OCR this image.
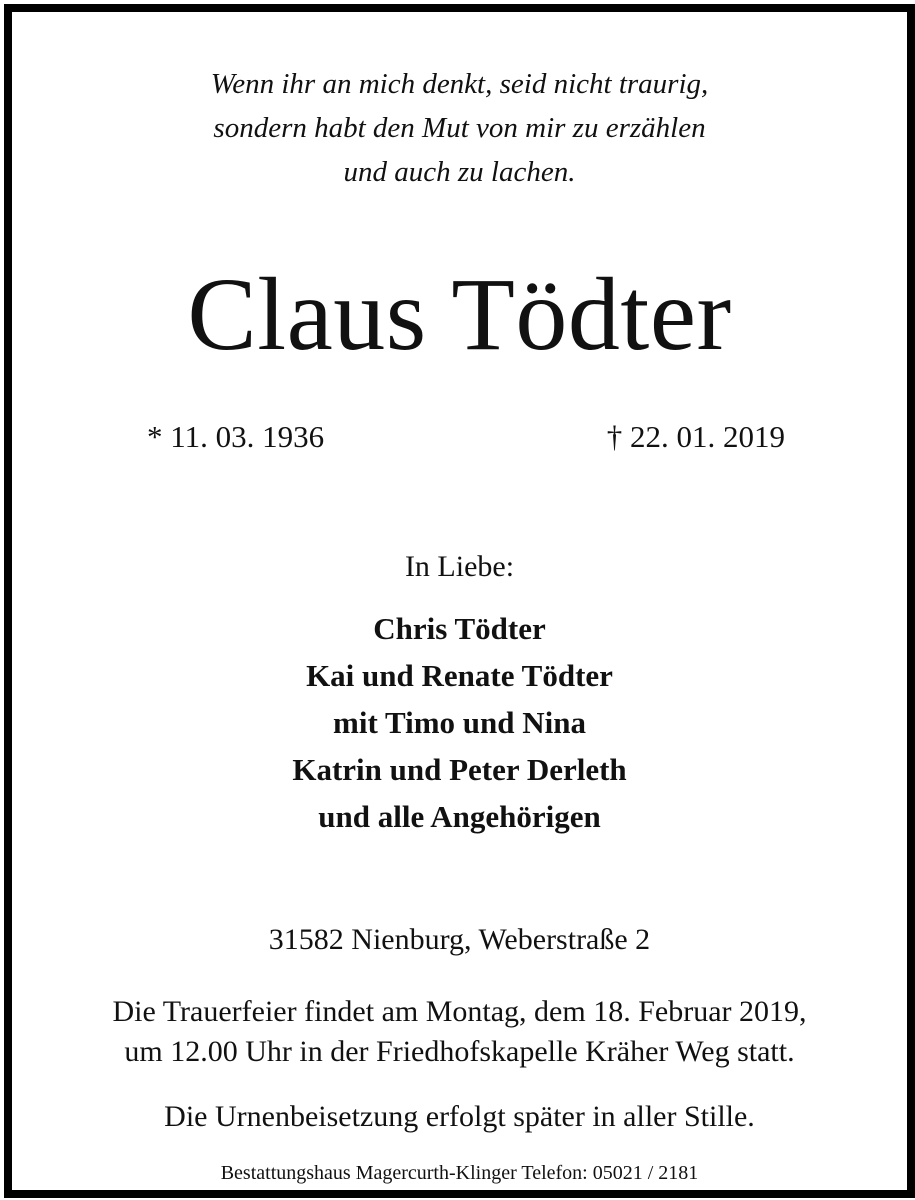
Wenn ihr an mich denkt, seid nicht traurig,
sondern habt den Mut von mir zu erzählen
und auch zu lachen.
Claus Tödter
* 11. 03. 1936	† 22. 01. 2019
In Liebe:
Chris Tödter
Kai und Renate Tödter
mit Timo und Nina
Katrin und Peter Derleth
und alle Angehörigen
31582 Nienburg, Weberstraße 2
Die Trauerfeier findet am Montag, dem 18. Februar 2019,
um 12.00 Uhr in der Friedhofskapelle Kräher Weg statt.
Die Urnenbeisetzung erfolgt später in aller Stille.
Bestattungshaus Magercurth-Klinger Telefon: 05021 / 2181
